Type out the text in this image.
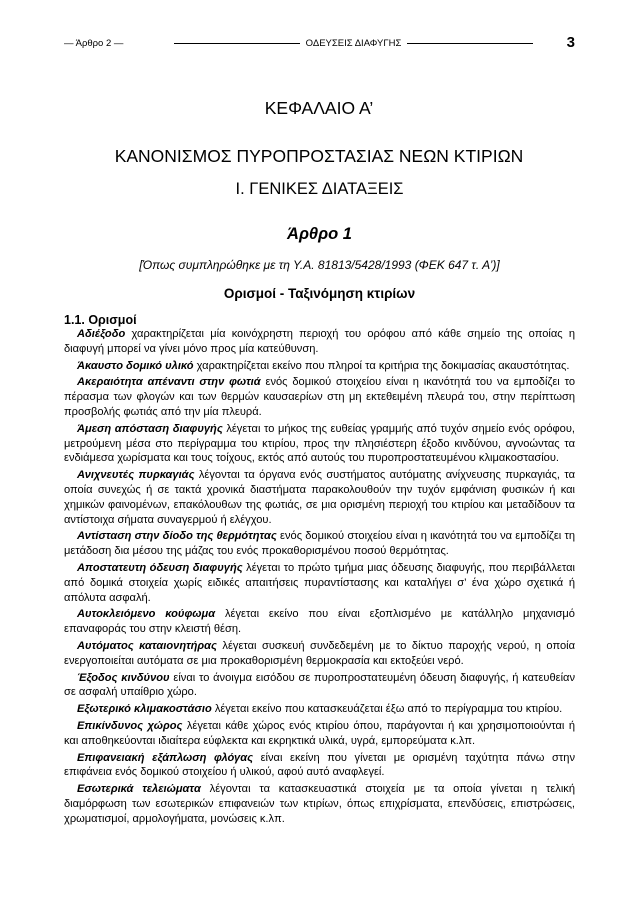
— Άρθρο 2 —	ΟΔΕΥΣΕΙΣ ΔΙΑΦΥΓΗΣ	3
ΚΕΦΑΛΑΙΟ Α’
ΚΑΝΟΝΙΣΜΟΣ ΠΥΡΟΠΡΟΣΤΑΣΙΑΣ ΝΕΩΝ ΚΤΙΡΙΩΝ
Ι. ΓΕΝΙΚΕΣ ΔΙΑΤΑΞΕΙΣ
Άρθρο 1
[Όπως συμπληρώθηκε με τη Υ.Α. 81813/5428/1993 (ΦΕΚ 647 τ. Α’)]
Ορισμοί - Ταξινόμηση κτιρίων
1.1. Ορισμοί

Αδιέξοδο χαρακτηρίζεται μία κοινόχρηστη περιοχή του ορόφου από κάθε σημείο της οποίας η διαφυγή μπορεί να γίνει μόνο προς μία κατεύθυνση.

Άκαυστο δομικό υλικό χαρακτηρίζεται εκείνο που πληροί τα κριτήρια της δοκιμασίας ακαυστότητας.

Ακεραιότητα απέναντι στην φωτιά ενός δομικού στοιχείου είναι η ικανότητά του να εμποδίζει το πέρασμα των φλογών και των θερμών καυσαερίων στη μη εκτεθειμένη πλευρά του, στην περίπτωση προσβολής φωτιάς από την μία πλευρά.

Άμεση απόσταση διαφυγής λέγεται το μήκος της ευθείας γραμμής από τυχόν σημείο ενός ορόφου, μετρούμενη μέσα στο περίγραμμα του κτιρίου, προς την πλησιέστερη έξοδο κινδύνου, αγνοώντας τα ενδιάμεσα χωρίσματα και τους τοίχους, εκτός από αυτούς του πυροπροστατευμένου κλιμακοστασίου.

Ανιχνευτές πυρκαγιάς λέγονται τα όργανα ενός συστήματος αυτόματης ανίχνευσης πυρκαγιάς, τα οποία συνεχώς ή σε τακτά χρονικά διαστήματα παρακολουθούν την τυχόν εμφάνιση φυσικών ή και χημικών φαινομένων, επακόλουθων της φωτιάς, σε μια ορισμένη περιοχή του κτιρίου και μεταδίδουν τα αντίστοιχα σήματα συναγερμού ή ελέγχου.

Αντίσταση στην δίοδο της θερμότητας ενός δομικού στοιχείου είναι η ικανότητά του να εμποδίζει τη μετάδοση δια μέσου της μάζας του ενός προκαθορισμένου ποσού θερμότητας.

Αποστατευτη όδευση διαφυγής λέγεται το πρώτο τμήμα μιας όδευσης διαφυγής, που περιβάλλεται από δομικά στοιχεία χωρίς ειδικές απαιτήσεις πυραντίστασης και καταλήγει σ’ ένα χώρο σχετικά ή απόλυτα ασφαλή.

Αυτοκλειόμενο κούφωμα λέγεται εκείνο που είναι εξοπλισμένο με κατάλληλο μηχανισμό επαναφοράς του στην κλειστή θέση.

Αυτόματος καταιονητήρας λέγεται συσκευή συνδεδεμένη με το δίκτυο παροχής νερού, η οποία ενεργοποιείται αυτόματα σε μια προκαθορισμένη θερμοκρασία και εκτοξεύει νερό.

Έξοδος κινδύνου είναι το άνοιγμα εισόδου σε πυροπροστατευμένη όδευση διαφυγής, ή κατευθείαν σε ασφαλή υπαίθριο χώρο.

Εξωτερικό κλιμακοστάσιο λέγεται εκείνο που κατασκευάζεται έξω από το περίγραμμα του κτιρίου.

Επικίνδυνος χώρος λέγεται κάθε χώρος ενός κτιρίου όπου, παράγονται ή και χρησιμοποιούνται ή και αποθηκεύονται ιδιαίτερα εύφλεκτα και εκρηκτικά υλικά, υγρά, εμπορεύματα κ.λπ.

Επιφανειακή εξάπλωση φλόγας είναι εκείνη που γίνεται με ορισμένη ταχύτητα πάνω στην επιφάνεια ενός δομικού στοιχείου ή υλικού, αφού αυτό αναφλεγεί.

Εσωτερικά τελειώματα λέγονται τα κατασκευαστικά στοιχεία με τα οποία γίνεται η τελική διαμόρφωση των εσωτερικών επιφανειών των κτιρίων, όπως επιχρίσματα, επενδύσεις, επιστρώσεις, χρωματισμοί, αρμολογήματα, μονώσεις κ.λπ.
